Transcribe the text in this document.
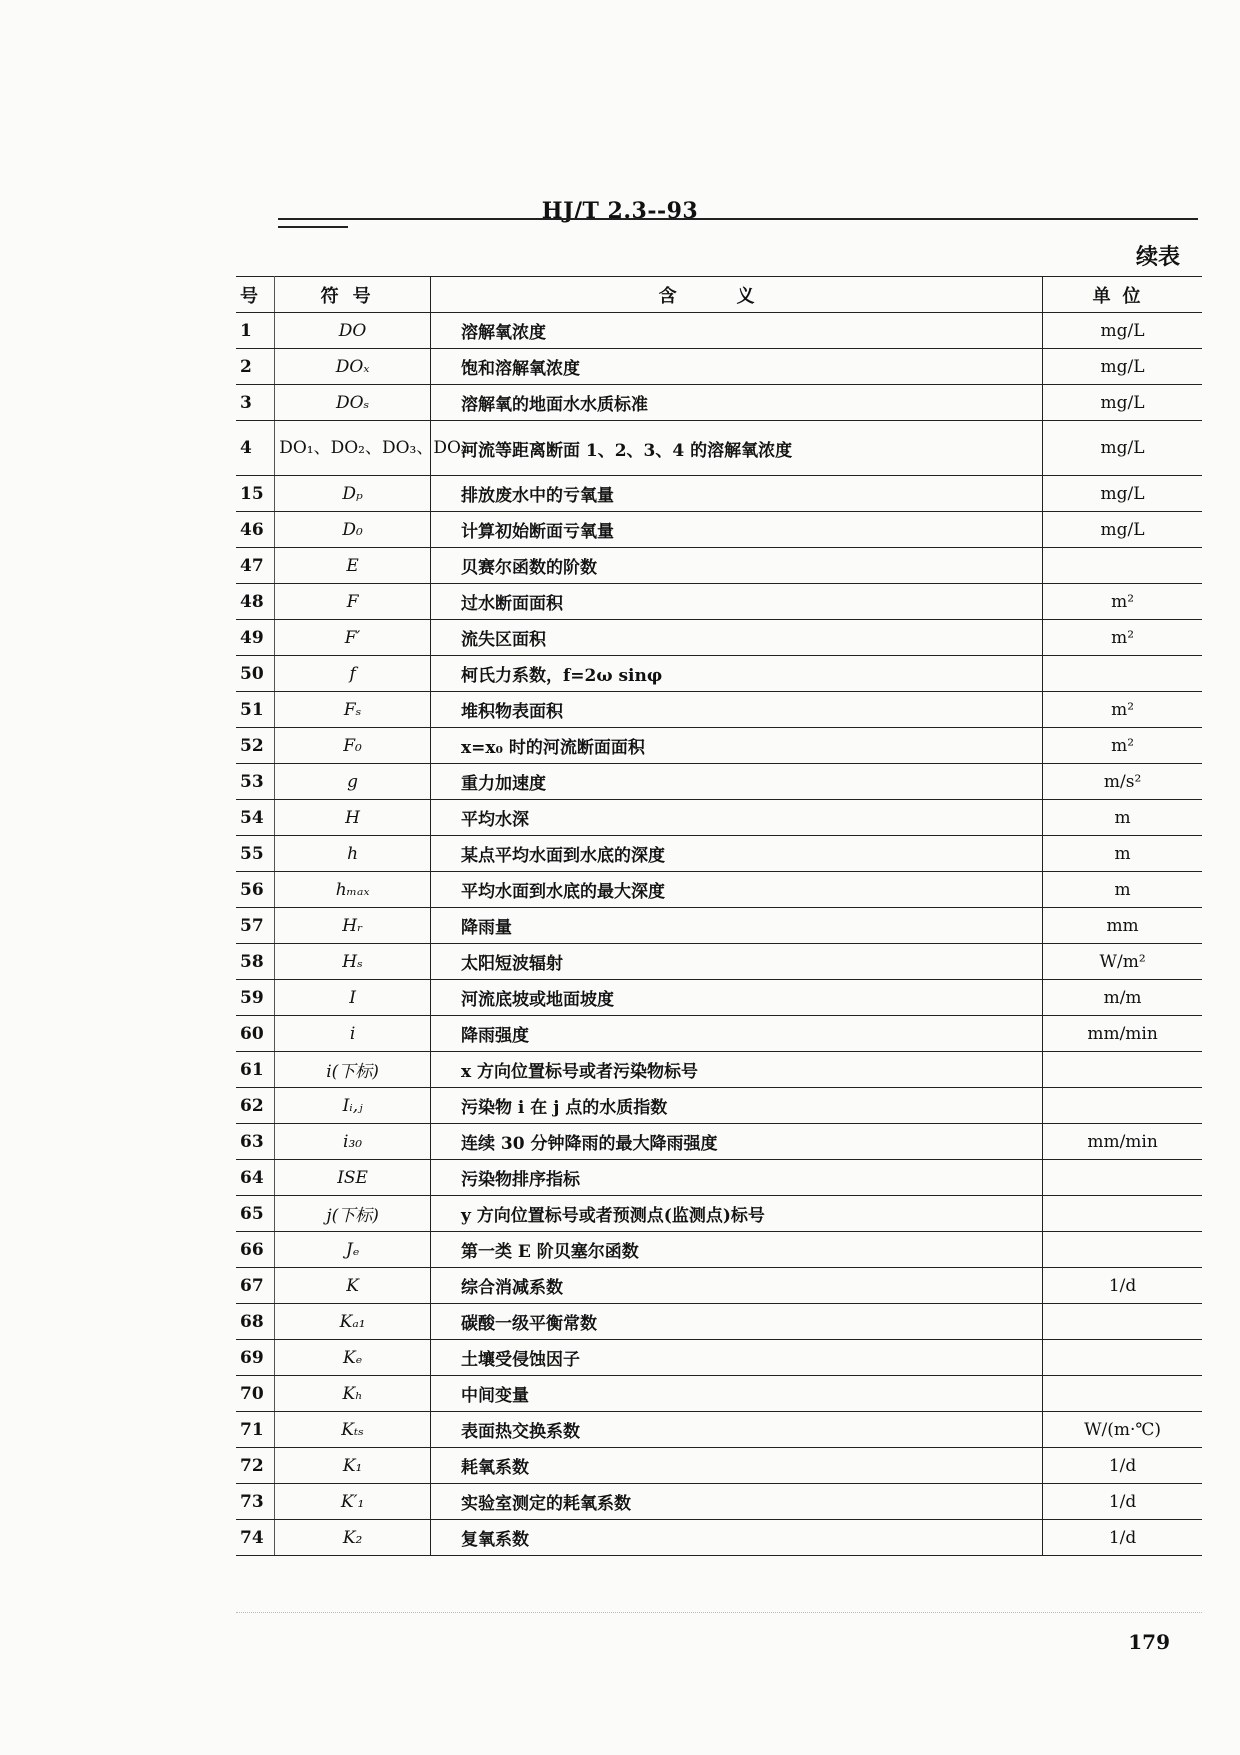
HJ/T 2.3--93
续表
号	符号	含义	单位
1	DO	溶解氧浓度	mg/L
2	DOₓ	饱和溶解氧浓度	mg/L
3	DOₛ	溶解氧的地面水水质标准	mg/L
4	DO₁、DO₂、DO₃、DO₄	河流等距离断面 1、2、3、4 的溶解氧浓度	mg/L
15	Dₚ	排放废水中的亏氧量	mg/L
46	D₀	计算初始断面亏氧量	mg/L
47	E	贝赛尔函数的阶数	
48	F	过水断面面积	m²
49	F′	流失区面积	m²
50	f	柯氏力系数，f=2ω sinφ	
51	Fₛ	堆积物表面积	m²
52	F₀	x=x₀ 时的河流断面面积	m²
53	g	重力加速度	m/s²
54	H	平均水深	m
55	h	某点平均水面到水底的深度	m
56	hₘₐₓ	平均水面到水底的最大深度	m
57	Hᵣ	降雨量	mm
58	Hₛ	太阳短波辐射	W/m²
59	I	河流底坡或地面坡度	m/m
60	i	降雨强度	mm/min
61	i(下标)	x 方向位置标号或者污染物标号	
62	Iᵢ,ⱼ	污染物 i 在 j 点的水质指数	
63	i₃₀	连续 30 分钟降雨的最大降雨强度	mm/min
64	ISE	污染物排序指标	
65	j(下标)	y 方向位置标号或者预测点(监测点)标号	
66	Jₑ	第一类 E 阶贝塞尔函数	
67	K	综合消减系数	1/d
68	Kₐ₁	碳酸一级平衡常数	
69	Kₑ	土壤受侵蚀因子	
70	Kₕ	中间变量	
71	Kₜₛ	表面热交换系数	W/(m·℃)
72	K₁	耗氧系数	1/d
73	K′₁	实验室测定的耗氧系数	1/d
74	K₂	复氧系数	1/d
179
